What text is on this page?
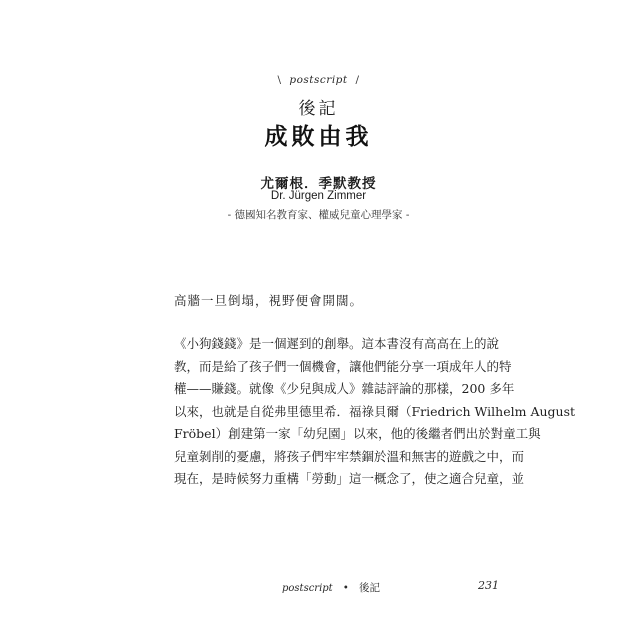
\ postscript /
後記
成敗由我
尤爾根．季默教授
Dr. Jürgen Zimmer
- 德國知名教育家、權威兒童心理學家 -
高牆一旦倒塌，視野便會開闊。
《小狗錢錢》是一個遲到的創舉。這本書沒有高高在上的說
教，而是給了孩子們一個機會，讓他們能分享一項成年人的特
權——賺錢。就像《少兒與成人》雜誌評論的那樣，200 多年
以來，也就是自從弗里德里希．福祿貝爾（Friedrich Wilhelm August
Fröbel）創建第一家「幼兒園」以來，他的後繼者們出於對童工與
兒童剝削的憂慮，將孩子們牢牢禁錮於溫和無害的遊戲之中，而
現在，是時候努力重構「勞動」這一概念了，使之適合兒童，並
postscript • 後記	231
